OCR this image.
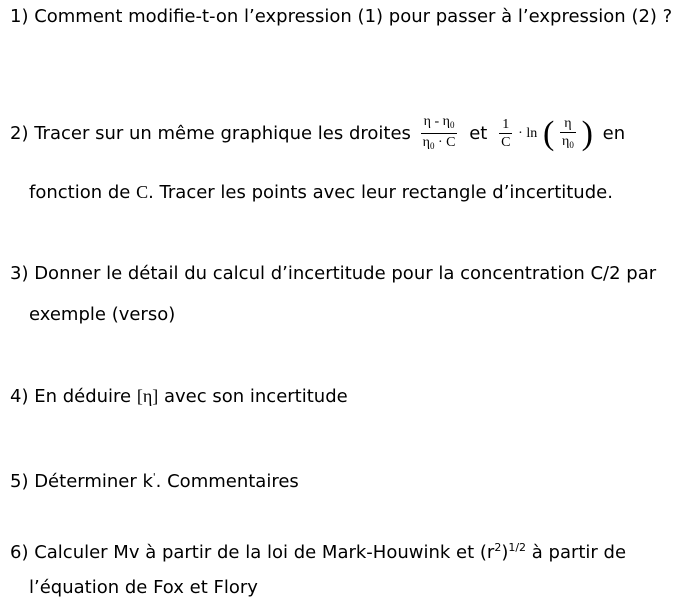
1) Comment modifie-t-on l’expression (1) pour passer à l’expression (2) ?
2) Tracer sur un même graphique les droites $\frac{\eta - \eta_0}{\eta_0 \cdot C}$ et $\frac{1}{C} \cdot \ln$ ( $\frac{\eta}{\eta_0}$ ) en
fonction de C. Tracer les points avec leur rectangle d’incertitude.
3) Donner le détail du calcul d’incertitude pour la concentration C/2 par
exemple (verso)
4) En déduire [η] avec son incertitude
5) Déterminer k'. Commentaires
6) Calculer Mv à partir de la loi de Mark-Houwink et $(r^2)^{1/2}$ à partir de
l’équation de Fox et Flory
